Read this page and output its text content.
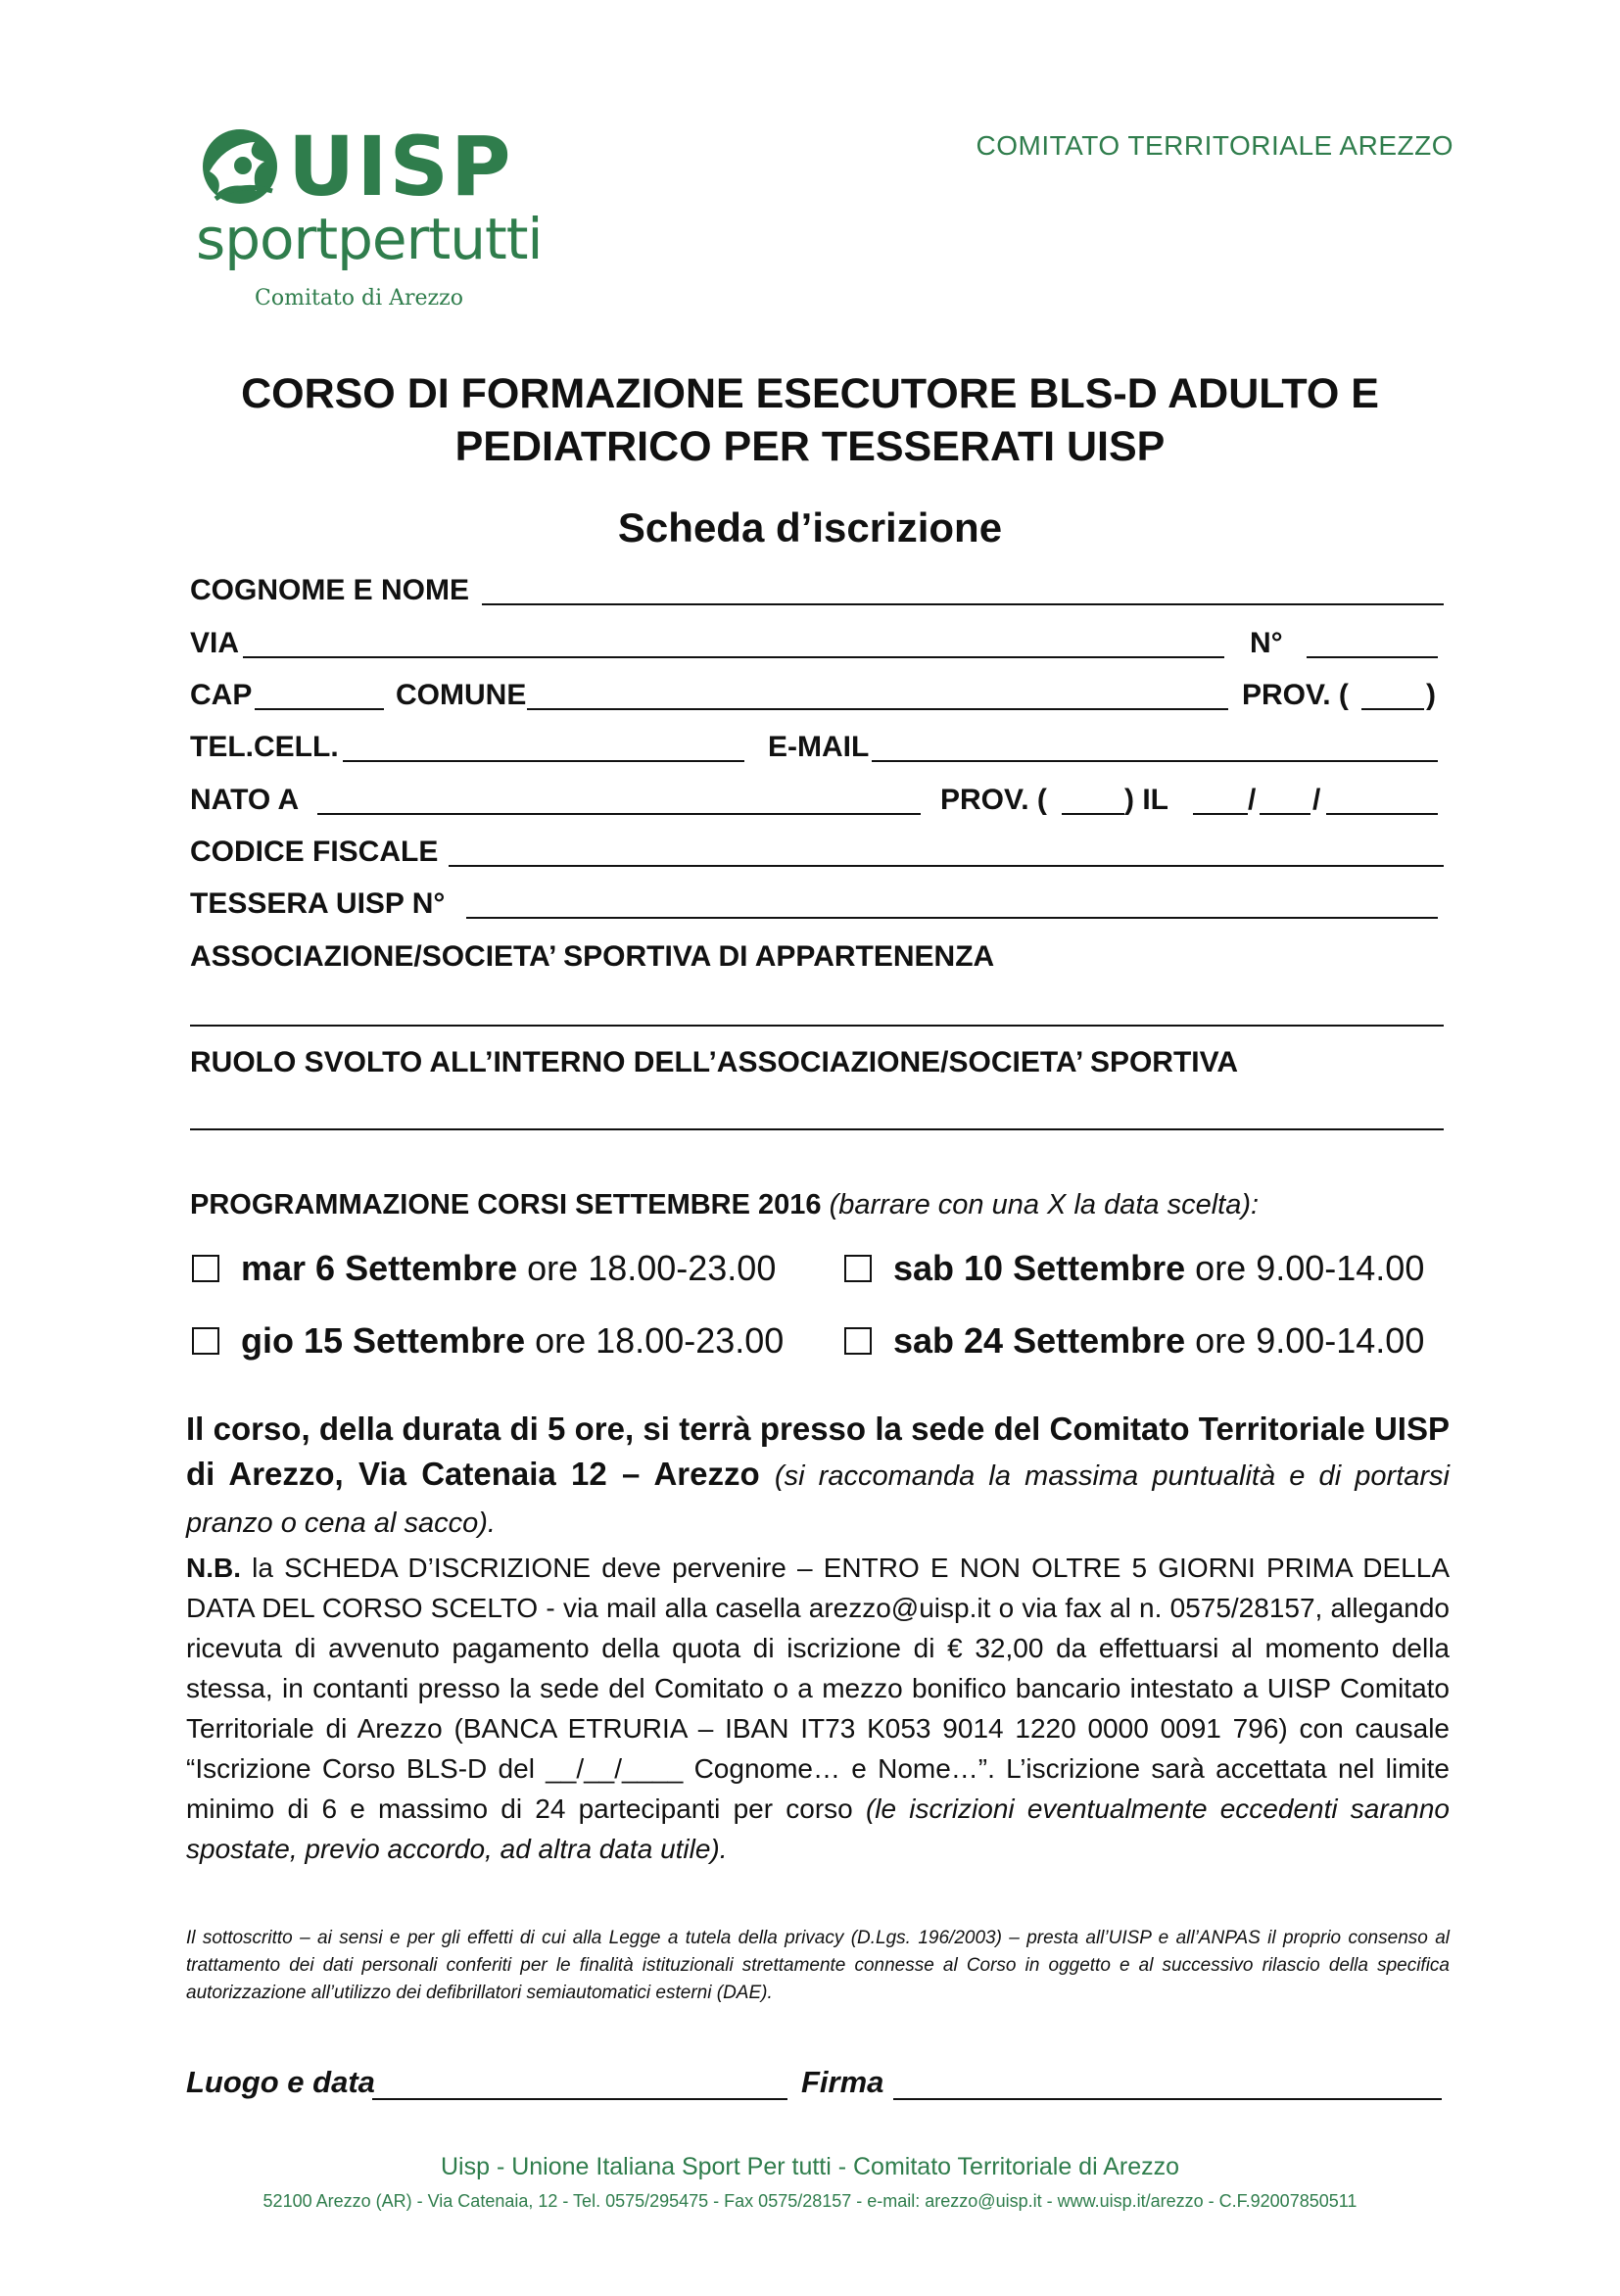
UISP
sportpertutti
Comitato di Arezzo
COMITATO TERRITORIALE AREZZO
CORSO DI FORMAZIONE ESECUTORE BLS-D ADULTO E
PEDIATRICO PER TESSERATI UISP
Scheda d’iscrizione
COGNOME E NOME
VIA	N°
CAP	COMUNE	PROV. (	)
TEL.CELL.	E-MAIL
NATO A	PROV. (	) IL	/ /
CODICE FISCALE
TESSERA UISP N°
ASSOCIAZIONE/SOCIETA’ SPORTIVA DI APPARTENENZA
RUOLO SVOLTO ALL’INTERNO DELL’ASSOCIAZIONE/SOCIETA’ SPORTIVA
PROGRAMMAZIONE CORSI SETTEMBRE 2016 (barrare con una X la data scelta):
mar 6 Settembre
ore 18.00-23.00	sab 10 Settembre
ore 9.00-14.00
gio 15 Settembre
ore 18.00-23.00	sab 24 Settembre
ore 9.00-14.00
Il corso, della durata di 5 ore, si terrà presso la sede del Comitato Territoriale UISP di Arezzo, Via Catenaia 12 – Arezzo (si raccomanda la massima puntualità e di portarsi pranzo o cena al sacco).
N.B. la SCHEDA D’ISCRIZIONE deve pervenire – ENTRO E NON OLTRE 5 GIORNI PRIMA DELLA DATA DEL CORSO SCELTO - via mail alla casella arezzo@uisp.it o via fax al n. 0575/28157, allegando ricevuta di avvenuto pagamento della quota di iscrizione di € 32,00 da effettuarsi al momento della stessa, in contanti presso la sede del Comitato o a mezzo bonifico bancario intestato a UISP Comitato Territoriale di Arezzo (BANCA ETRURIA – IBAN IT73 K053 9014 1220 0000 0091 796) con causale “Iscrizione Corso BLS-D del __/__/____ Cognome… e Nome…”. L’iscrizione sarà accettata nel limite minimo di 6 e massimo di 24 partecipanti per corso (le iscrizioni eventualmente eccedenti saranno spostate, previo accordo, ad altra data utile).
Il sottoscritto – ai sensi e per gli effetti di cui alla Legge a tutela della privacy (D.Lgs. 196/2003) – presta all’UISP e all’ANPAS il proprio consenso al trattamento dei dati personali conferiti per le finalità istituzionali strettamente connesse al Corso in oggetto e al successivo rilascio della specifica autorizzazione all’utilizzo dei defibrillatori semiautomatici esterni (DAE).
Luogo e data	Firma
Uisp - Unione Italiana Sport Per tutti - Comitato Territoriale di Arezzo
52100 Arezzo (AR) - Via Catenaia, 12 - Tel. 0575/295475 - Fax 0575/28157 - e-mail: arezzo@uisp.it - www.uisp.it/arezzo - C.F.92007850511
